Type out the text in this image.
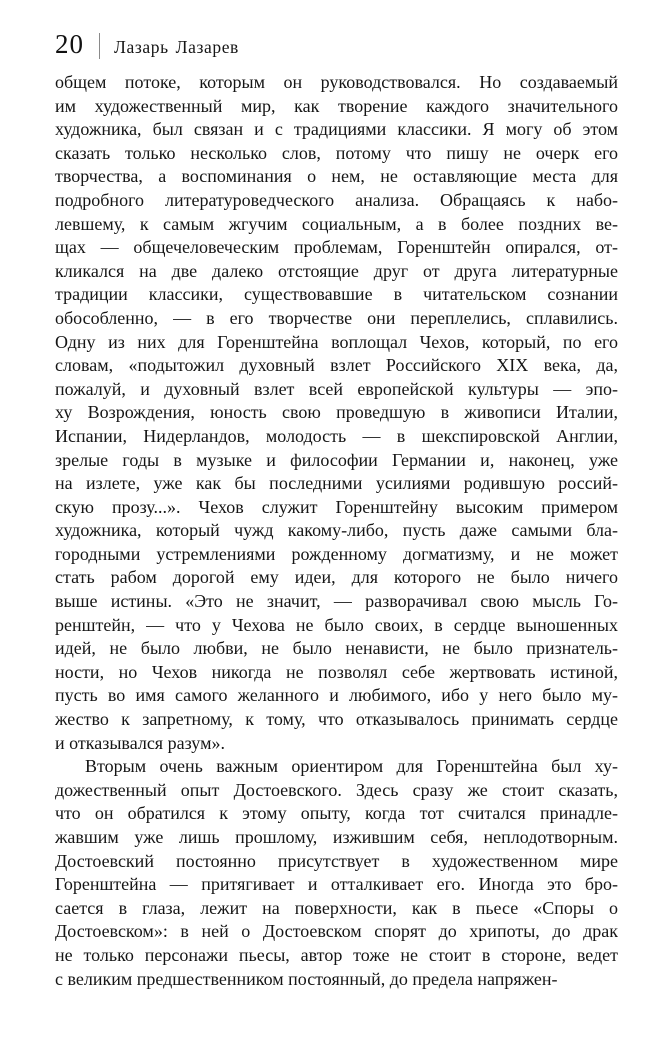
20 Лазарь Лазарев

общем потоке, которым он руководствовался. Но создаваемый
им художественный мир, как творение каждого значительного
художника, был связан и с традициями классики. Я могу об этом
сказать только несколько слов, потому что пишу не очерк его
творчества, а воспоминания о нем, не оставляющие места для
подробного литературоведческого анализа. Обращаясь к набо-
левшему, к самым жгучим социальным, а в более поздних ве-
щах — общечеловеческим проблемам, Горенштейн опирался, от-
кликался на две далеко отстоящие друг от друга литературные
традиции классики, существовавшие в читательском сознании
обособленно, — в его творчестве они переплелись, сплавились.
Одну из них для Горенштейна воплощал Чехов, который, по его
словам, «подытожил духовный взлет Российского XIX века, да,
пожалуй, и духовный взлет всей европейской культуры — эпо-
ху Возрождения, юность свою проведшую в живописи Италии,
Испании, Нидерландов, молодость — в шекспировской Англии,
зрелые годы в музыке и философии Германии и, наконец, уже
на излете, уже как бы последними усилиями родившую россий-
скую прозу...». Чехов служит Горенштейну высоким примером
художника, который чужд какому-либо, пусть даже самыми бла-
городными устремлениями рожденному догматизму, и не может
стать рабом дорогой ему идеи, для которого не было ничего
выше истины. «Это не значит, — разворачивал свою мысль Го-
ренштейн, — что у Чехова не было своих, в сердце выношенных
идей, не было любви, не было ненависти, не было признатель-
ности, но Чехов никогда не позволял себе жертвовать истиной,
пусть во имя самого желанного и любимого, ибо у него было му-
жество к запретному, к тому, что отказывалось принимать сердце
и отказывался разум».

Вторым очень важным ориентиром для Горенштейна был ху-
дожественный опыт Достоевского. Здесь сразу же стоит сказать,
что он обратился к этому опыту, когда тот считался принадле-
жавшим уже лишь прошлому, изжившим себя, неплодотворным.
Достоевский постоянно присутствует в художественном мире
Горенштейна — притягивает и отталкивает его. Иногда это бро-
сается в глаза, лежит на поверхности, как в пьесе «Споры о
Достоевском»: в ней о Достоевском спорят до хрипоты, до драк
не только персонажи пьесы, автор тоже не стоит в стороне, ведет
с великим предшественником постоянный, до предела напряжен-
